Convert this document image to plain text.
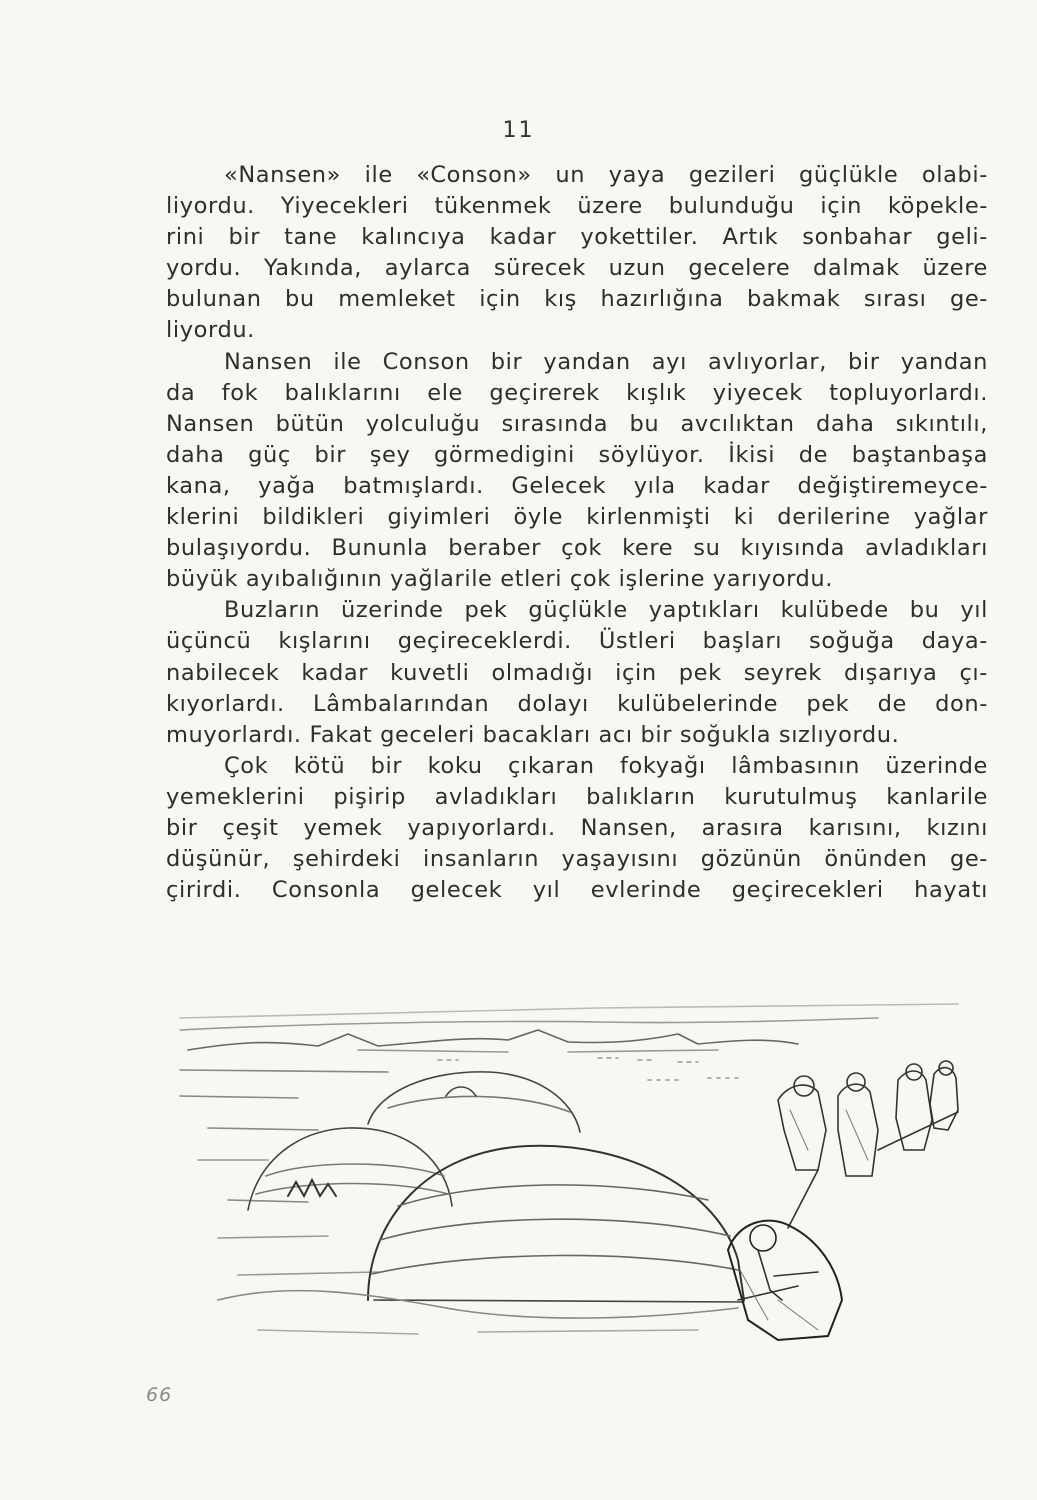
11
«Nansen» ile «Conson» un yaya gezileri güçlükle olabi-
liyordu. Yiyecekleri tükenmek üzere bulunduğu için köpekle-
rini bir tane kalıncıya kadar yokettiler. Artık sonbahar geli-
yordu. Yakında, aylarca sürecek uzun gecelere dalmak üzere
bulunan bu memleket için kış hazırlığına bakmak sırası ge-
liyordu.
Nansen ile Conson bir yandan ayı avlıyorlar, bir yandan
da fok balıklarını ele geçirerek kışlık yiyecek topluyorlardı.
Nansen bütün yolculuğu sırasında bu avcılıktan daha sıkıntılı,
daha güç bir şey görmedigini söylüyor. İkisi de baştanbaşa
kana, yağa batmışlardı. Gelecek yıla kadar değiştiremeyce-
klerini bildikleri giyimleri öyle kirlenmişti ki derilerine yağlar
bulaşıyordu. Bununla beraber çok kere su kıyısında avladıkları
büyük ayıbalığının yağlarile etleri çok işlerine yarıyordu.
Buzların üzerinde pek güçlükle yaptıkları kulübede bu yıl
üçüncü kışlarını geçireceklerdi. Üstleri başları soğuğa daya-
nabilecek kadar kuvetli olmadığı için pek seyrek dışarıya çı-
kıyorlardı. Lâmbalarından dolayı kulübelerinde pek de don-
muyorlardı. Fakat geceleri bacakları acı bir soğukla sızlıyordu.
Çok kötü bir koku çıkaran fokyağı lâmbasının üzerinde
yemeklerini pişirip avladıkları balıkların kurutulmuş kanlarile
bir çeşit yemek yapıyorlardı. Nansen, arasıra karısını, kızını
düşünür, şehirdeki insanların yaşayısını gözünün önünden ge-
çirirdi. Consonla gelecek yıl evlerinde geçirecekleri hayatı
66
